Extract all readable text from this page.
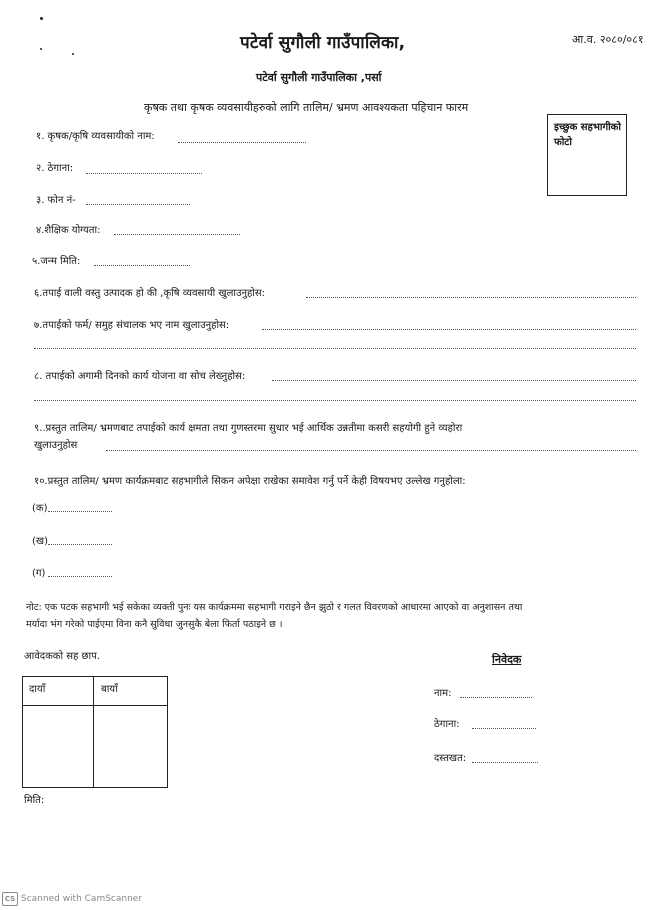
पटेर्वा सुगौली गाउँपालिका,	आ.व. २०८०/०८१
पटेर्वा सुगौली गाउँपालिका ,पर्सा
कृषक तथा कृषक व्यवसायीहरुको लागि तालिम/ भ्रमण आवश्यकता पहिचान फारम
इच्छुक सहभागीको फोटो
१. कृषक/कृषि व्यवसायीको नाम:
२. ठेगाना:
३. फोन नं-
४.शैक्षिक योग्यता:
५.जन्म मिति:
६.तपाई वाली वस्तु उत्पादक हो की ,कृषि व्यवसायी खुलाउनुहोस:
७.तपाईको फर्म/ समुह संचालक भए नाम खुलाउनुहोस:
८. तपाईको अगामी दिनको कार्य योजना वा सोच लेख्नुहोस:
९..प्रस्तुत तालिम/ भ्रमणबाट तपाईको कार्य क्षमता तथा गुणस्तरमा सुधार भई आर्थिक उन्नतीमा कसरी सहयोगी हुने व्यहोरा
खुलाउनुहोस
१०.प्रस्तुत तालिम/ भ्रमण कार्यक्रमबाट सहभागीले सिकन अपेक्षा राखेका समावेश गर्नु पर्ने केही विषयभए उल्लेख गनुहोला:
(क)
(ख)
(ग)
नोट: एक पटक सहभागी भई सकेका व्यक्ती पुनः यस कार्यक्रममा सहभागी गराइने छैन झुठो र गलत विवरणको आधारमा आएको वा अनुशासन तथा
मर्यादा भंग गरेको पाईएमा विना कनै सुविधा जुनसुकै बेला फिर्ता पठाइने छ ।
आवेदकको सह छाप.
दायाँ	बायाँ
मिति:
निवेदक
नाम:
ठेगाना:
दस्तखत:
CS Scanned with CamScanner
